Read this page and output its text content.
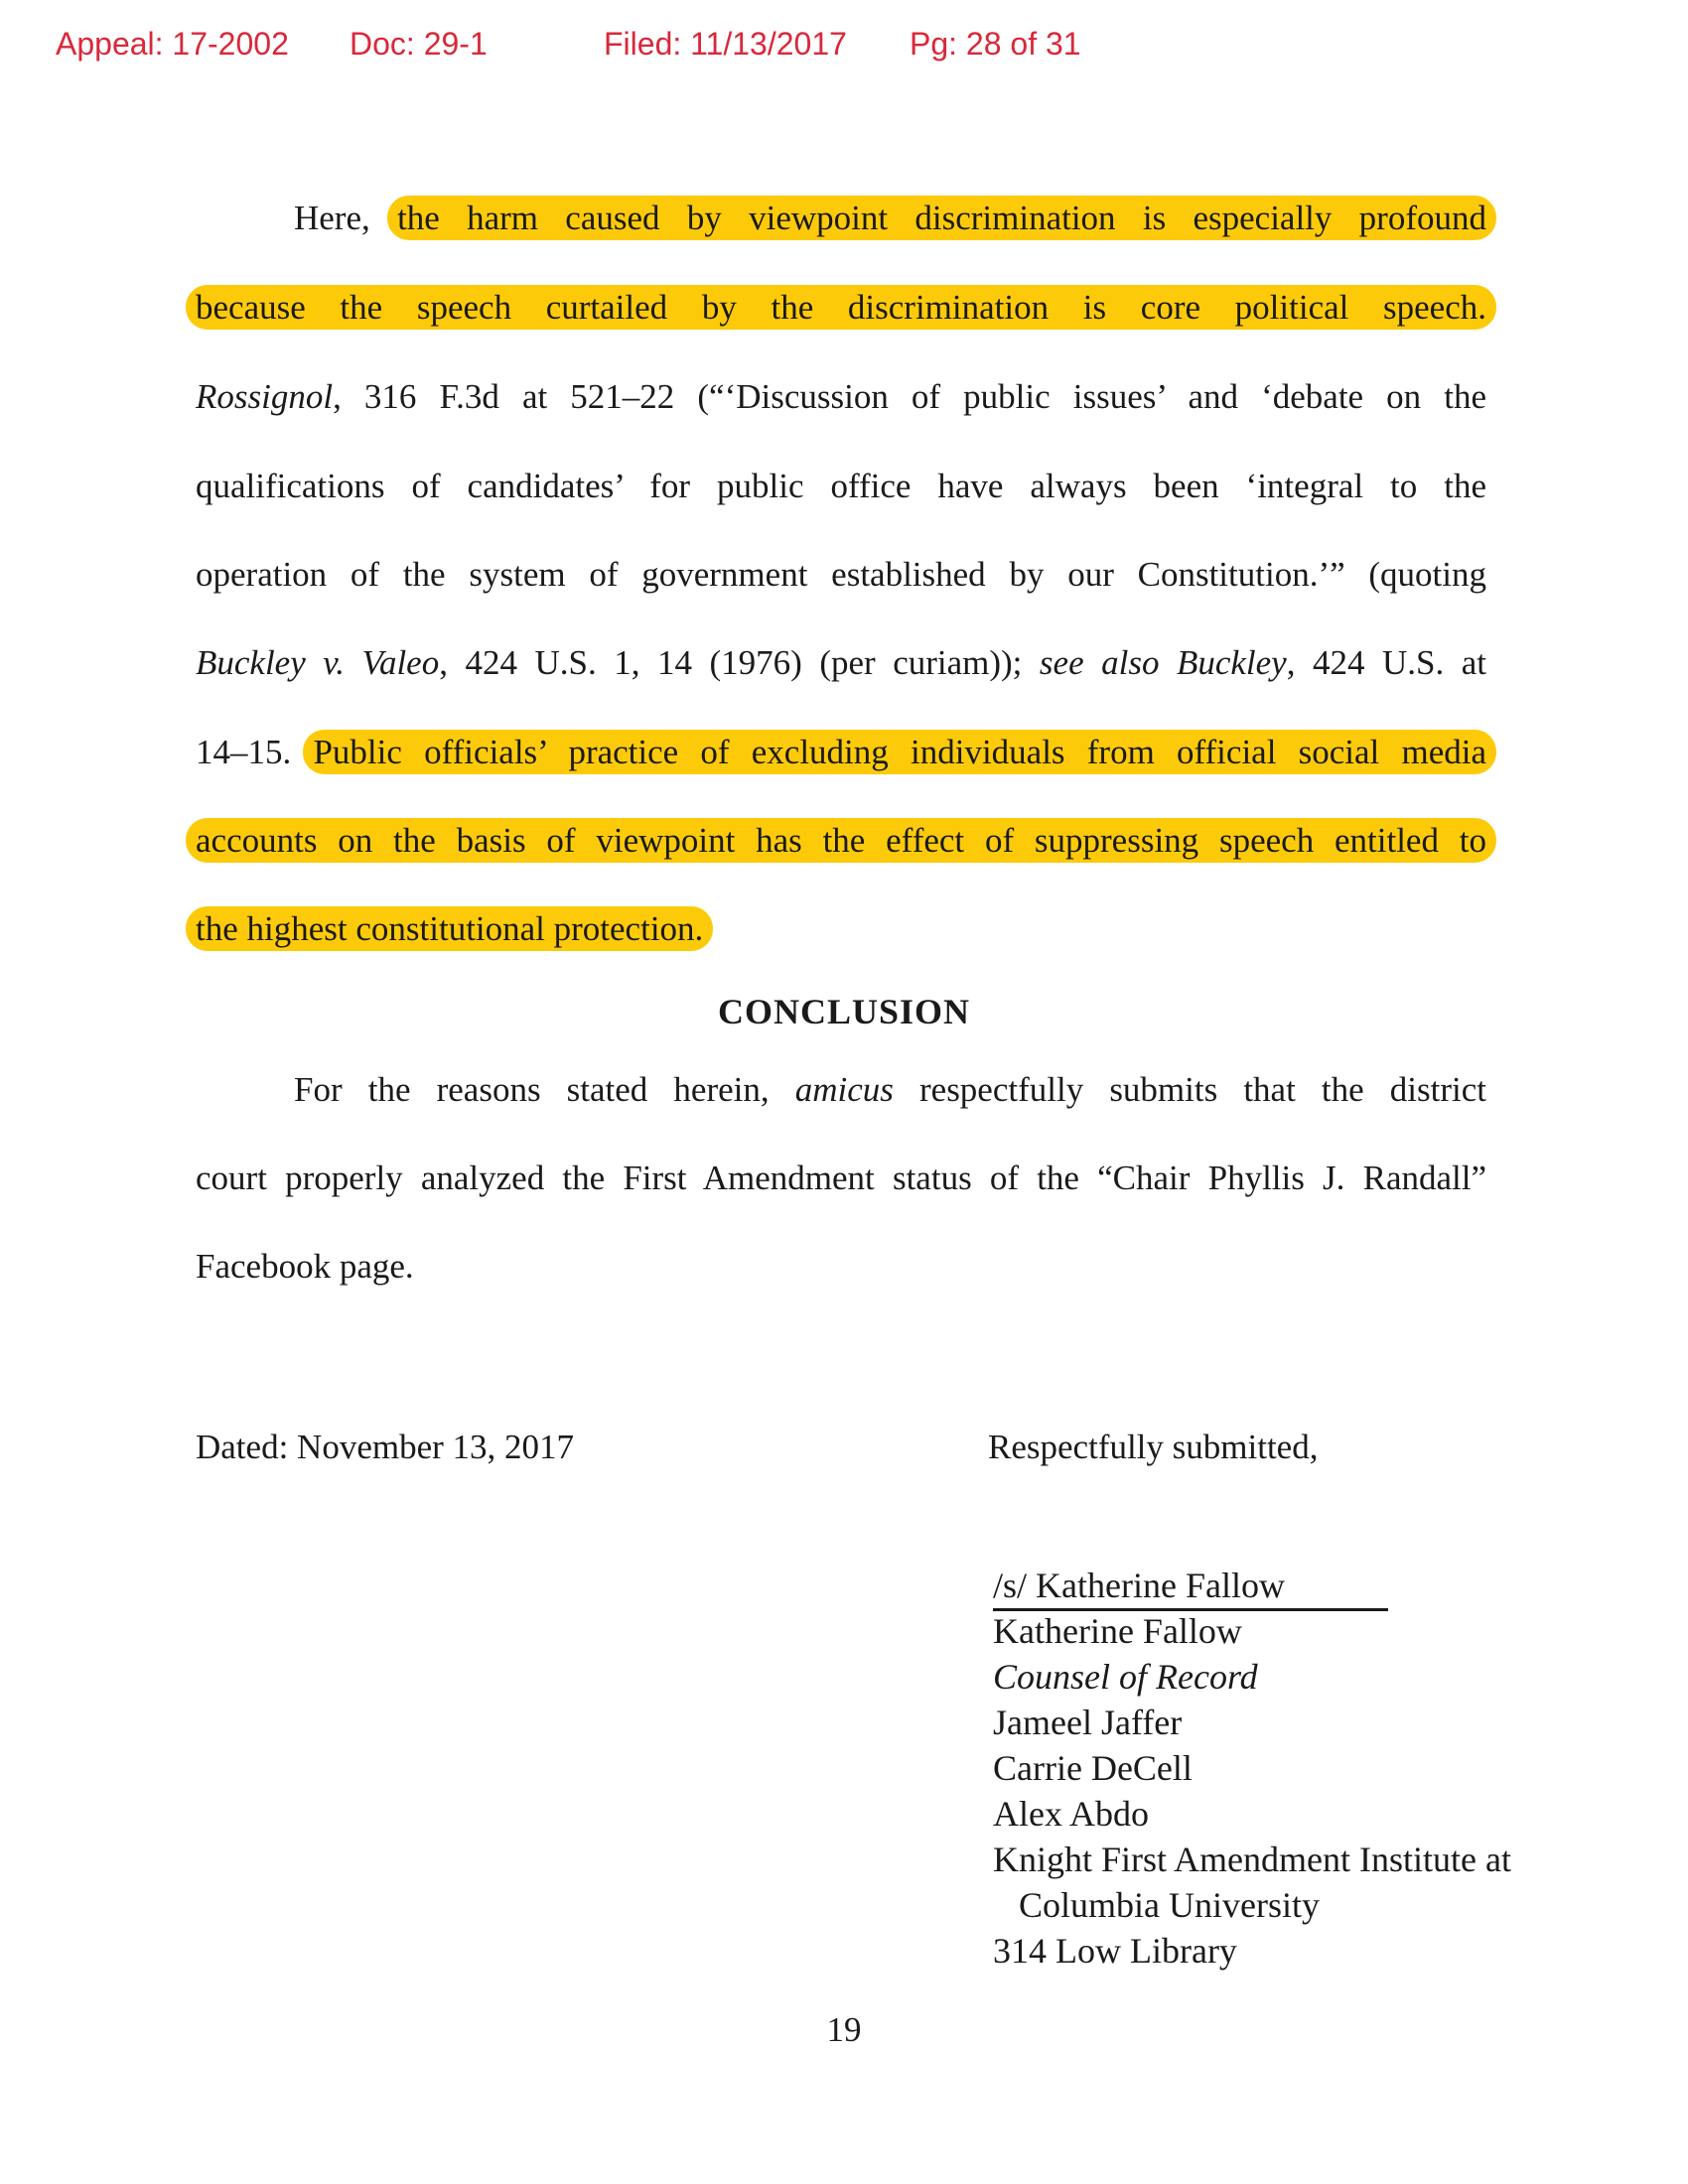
Appeal: 17-2002 Doc: 29-1	Filed: 11/13/2017 Pg: 28 of 31
Here, the harm caused by viewpoint discrimination is especially profound
because the speech curtailed by the discrimination is core political speech.
Rossignol, 316 F.3d at 521–22 (“‘Discussion of public issues’ and ‘debate on the
qualifications of candidates’ for public office have always been ‘integral to the
operation of the system of government established by our Constitution.’” (quoting
Buckley v. Valeo, 424 U.S. 1, 14 (1976) (per curiam)); see also Buckley, 424 U.S. at
14–15. Public officials’ practice of excluding individuals from official social media
accounts on the basis of viewpoint has the effect of suppressing speech entitled to
the highest constitutional protection.
CONCLUSION
For the reasons stated herein, amicus respectfully submits that the district
court properly analyzed the First Amendment status of the “Chair Phyllis J. Randall”
Facebook page.
Dated: November 13, 2017	Respectfully submitted,
/s/ Katherine Fallow
Katherine Fallow
Counsel of Record
Jameel Jaffer
Carrie DeCell
Alex Abdo
Knight First Amendment Institute at
Columbia University
314 Low Library
19
